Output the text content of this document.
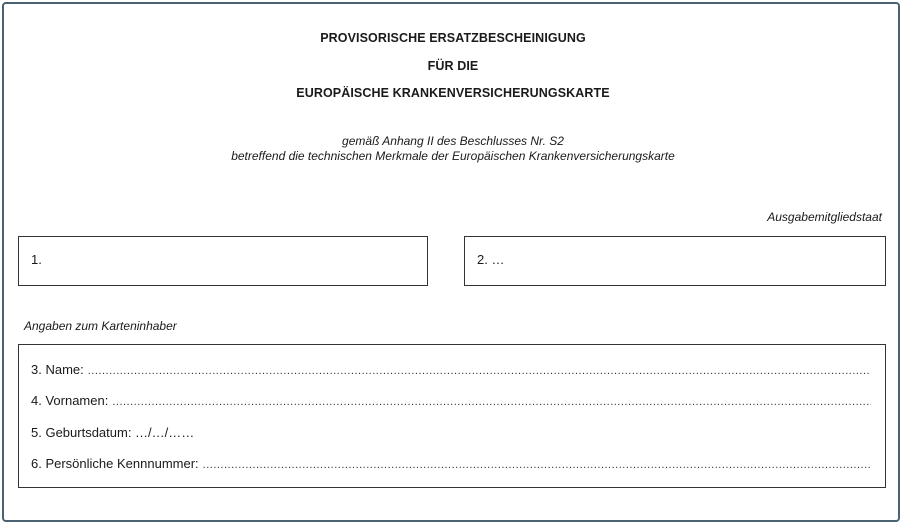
PROVISORISCHE ERSATZBESCHEINIGUNG
FÜR DIE
EUROPÄISCHE KRANKENVERSICHERUNGSKARTE
gemäß Anhang II des Beschlusses Nr. S2
betreffend die technischen Merkmale der Europäischen Krankenversicherungskarte
Ausgabemitgliedstaat
1.	2. …
Angaben zum Karteninhaber
3. Name:
.....
4. Vornamen:
.....
5. Geburtsdatum: …/…/……
6. Persönliche Kennnummer:
.....
